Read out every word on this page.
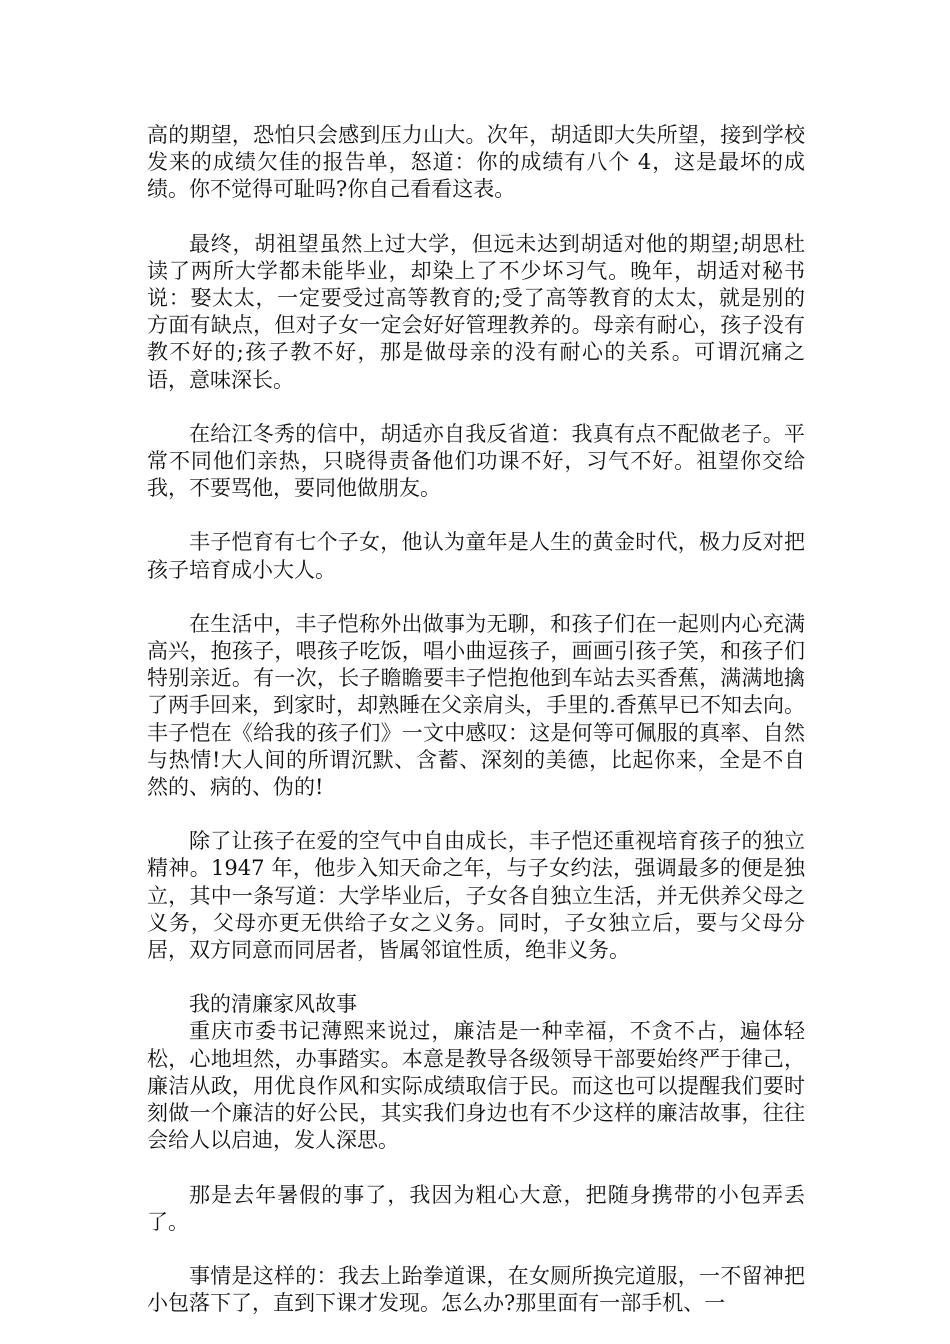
高的期望，恐怕只会感到压力山大。次年，胡适即大失所望，接到学校发来的成绩欠佳的报告单，怒道：你的成绩有八个 4，这是最坏的成绩。你不觉得可耻吗?你自己看看这表。

最终，胡祖望虽然上过大学，但远未达到胡适对他的期望;胡思杜读了两所大学都未能毕业，却染上了不少坏习气。晚年，胡适对秘书说：娶太太，一定要受过高等教育的;受了高等教育的太太，就是别的方面有缺点，但对子女一定会好好管理教养的。母亲有耐心，孩子没有教不好的;孩子教不好，那是做母亲的没有耐心的关系。可谓沉痛之语，意味深长。

在给江冬秀的信中，胡适亦自我反省道：我真有点不配做老子。平常不同他们亲热，只晓得责备他们功课不好，习气不好。祖望你交给我，不要骂他，要同他做朋友。

丰子恺育有七个子女，他认为童年是人生的黄金时代，极力反对把孩子培育成小大人。

在生活中，丰子恺称外出做事为无聊，和孩子们在一起则内心充满高兴，抱孩子，喂孩子吃饭，唱小曲逗孩子，画画引孩子笑，和孩子们特别亲近。有一次，长子瞻瞻要丰子恺抱他到车站去买香蕉，满满地擒了两手回来，到家时，却熟睡在父亲肩头，手里的.香蕉早已不知去向。丰子恺在《给我的孩子们》一文中感叹：这是何等可佩服的真率、自然与热情!大人间的所谓沉默、含蓄、深刻的美德，比起你来，全是不自然的、病的、伪的!

除了让孩子在爱的空气中自由成长，丰子恺还重视培育孩子的独立精神。1947 年，他步入知天命之年，与子女约法，强调最多的便是独立，其中一条写道：大学毕业后，子女各自独立生活，并无供养父母之义务，父母亦更无供给子女之义务。同时，子女独立后，要与父母分居，双方同意而同居者，皆属邻谊性质，绝非义务。

我的清廉家风故事

重庆市委书记薄熙来说过，廉洁是一种幸福，不贪不占，遍体轻松，心地坦然，办事踏实。本意是教导各级领导干部要始终严于律己，廉洁从政，用优良作风和实际成绩取信于民。而这也可以提醒我们要时刻做一个廉洁的好公民，其实我们身边也有不少这样的廉洁故事，往往会给人以启迪，发人深思。

那是去年暑假的事了，我因为粗心大意，把随身携带的小包弄丢了。

事情是这样的：我去上跆拳道课，在女厕所换完道服，一不留神把小包落下了，直到下课才发现。怎么办?那里面有一部手机、一
